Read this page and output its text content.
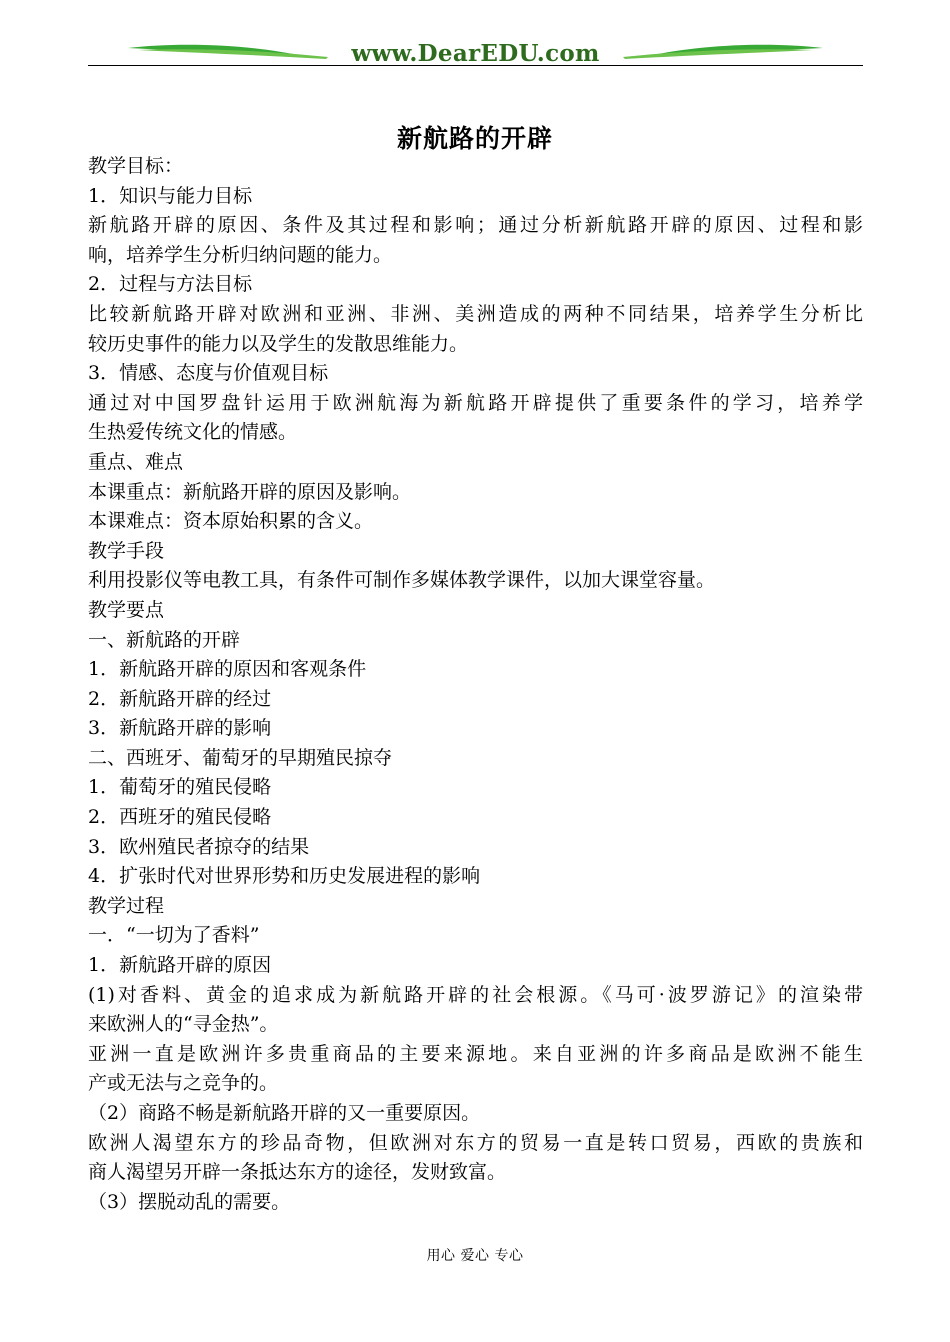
www.DearEDU.com
新航路的开辟
教学目标：
1．知识与能力目标
新航路开辟的原因、条件及其过程和影响；通过分析新航路开辟的原因、过程和影
响，培养学生分析归纳问题的能力。
2．过程与方法目标
比较新航路开辟对欧洲和亚洲、非洲、美洲造成的两种不同结果，培养学生分析比
较历史事件的能力以及学生的发散思维能力。
3．情感、态度与价值观目标
通过对中国罗盘针运用于欧洲航海为新航路开辟提供了重要条件的学习，培养学
生热爱传统文化的情感。
重点、难点
本课重点：新航路开辟的原因及影响。
本课难点：资本原始积累的含义。
教学手段
利用投影仪等电教工具，有条件可制作多媒体教学课件，以加大课堂容量。
教学要点
一、新航路的开辟
1．新航路开辟的原因和客观条件
2．新航路开辟的经过
3．新航路开辟的影响
二、西班牙、葡萄牙的早期殖民掠夺
1．葡萄牙的殖民侵略
2．西班牙的殖民侵略
3．欧州殖民者掠夺的结果
4．扩张时代对世界形势和历史发展进程的影响
教学过程
一．“一切为了香料”
1．新航路开辟的原因
(1)对香料、黄金的追求成为新航路开辟的社会根源。《马可·波罗游记》的渲染带
来欧洲人的“寻金热”。
亚洲一直是欧洲许多贵重商品的主要来源地。来自亚洲的许多商品是欧洲不能生
产或无法与之竞争的。
（2）商路不畅是新航路开辟的又一重要原因。
欧洲人渴望东方的珍品奇物，但欧洲对东方的贸易一直是转口贸易，西欧的贵族和
商人渴望另开辟一条抵达东方的途径，发财致富。
（3）摆脱动乱的需要。
用心 爱心 专心
